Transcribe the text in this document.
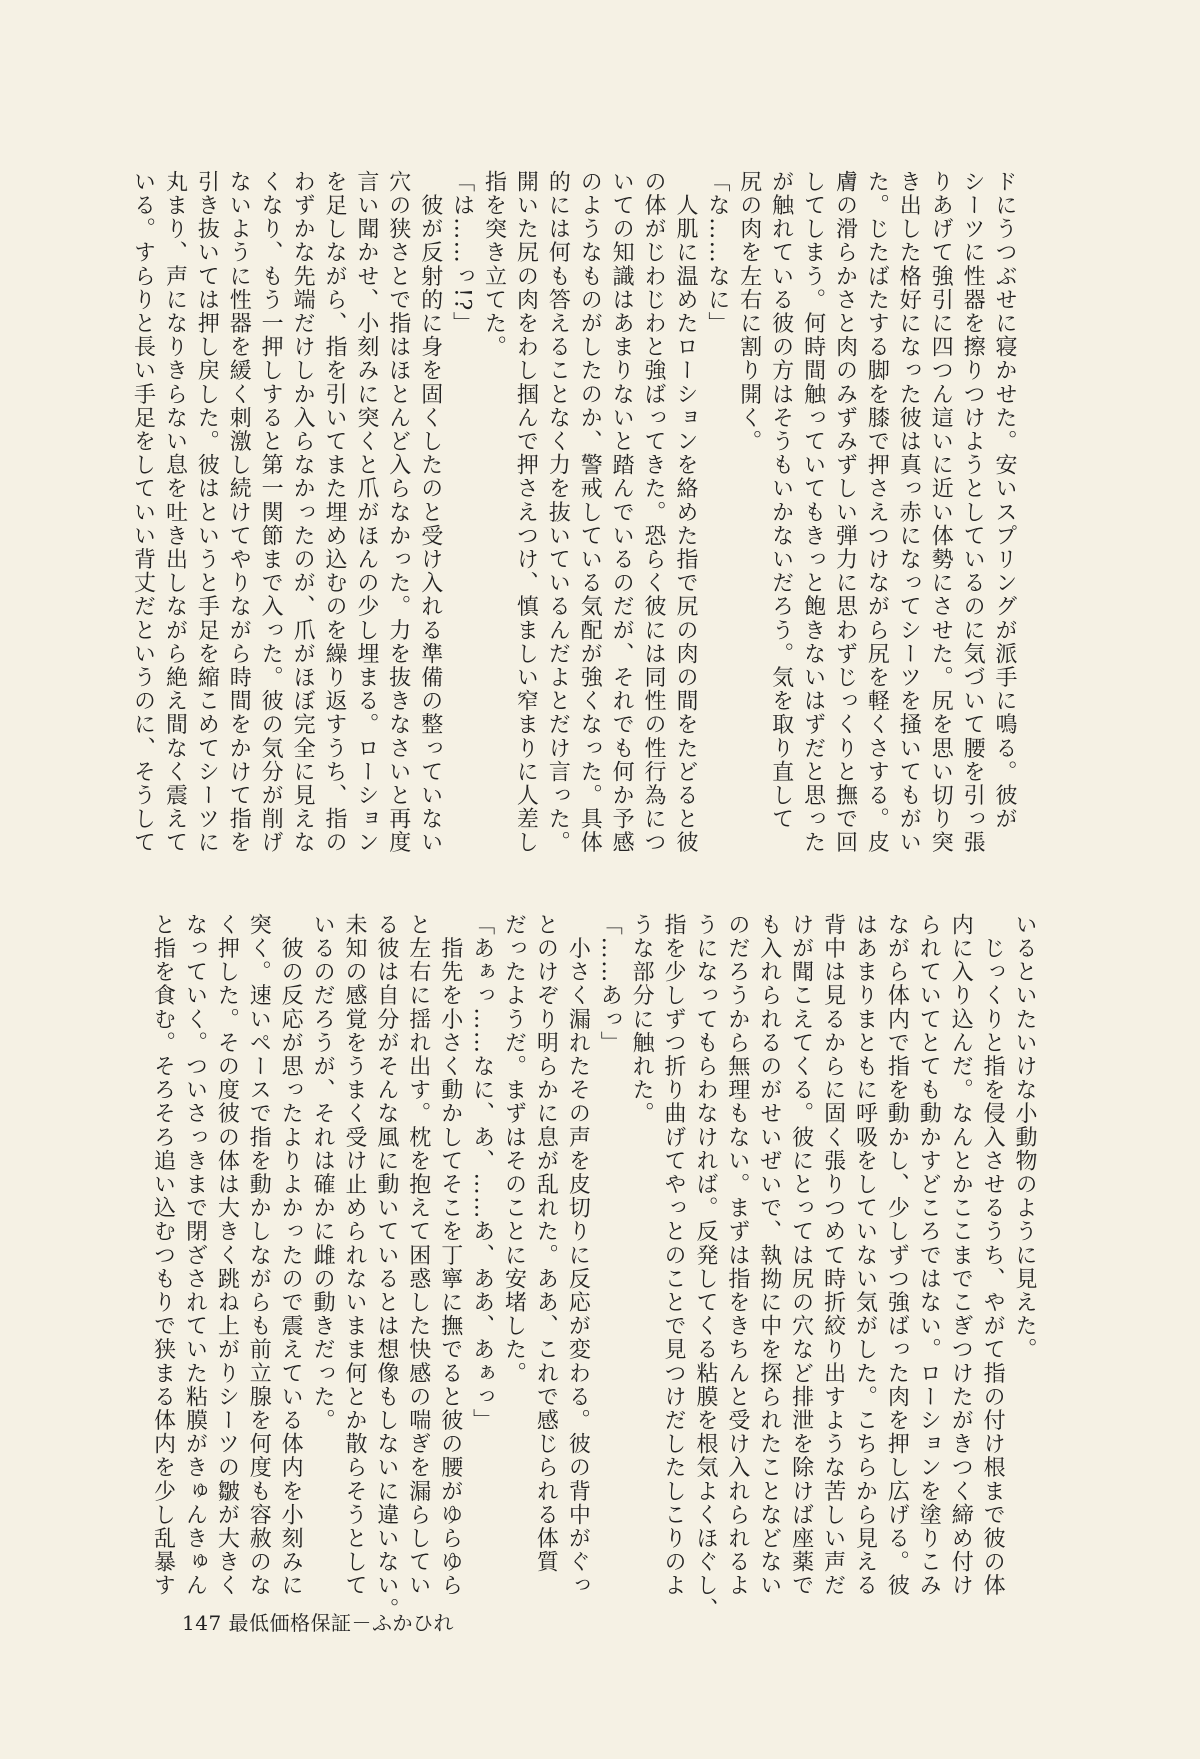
ドにうつぶせに寝かせた。安いスプリングが派手に鳴る。彼が

シーツに性器を擦りつけようとしているのに気づいて腰を引っ張

りあげて強引に四つん這いに近い体勢にさせた。尻を思い切り突

き出した格好になった彼は真っ赤になってシーツを掻いてもがい

た。じたばたする脚を膝で押さえつけながら尻を軽くさする。皮

膚の滑らかさと肉のみずみずしい弾力に思わずじっくりと撫で回

してしまう。何時間触っていてもきっと飽きないはずだと思った

が触れている彼の方はそうもいかないだろう。気を取り直して

尻の肉を左右に割り開く。

「な……なに」

　人肌に温めたローションを絡めた指で尻の肉の間をたどると彼

の体がじわじわと強ばってきた。恐らく彼には同性の性行為につ

いての知識はあまりないと踏んでいるのだが、それでも何か予感

のようなものがしたのか、警戒している気配が強くなった。具体

的には何も答えることなく力を抜いているんだよとだけ言った。

開いた尻の肉をわし掴んで押さえつけ、慎ましい窄まりに人差し

指を突き立てた。

「は……っ!?」

　彼が反射的に身を固くしたのと受け入れる準備の整っていない

穴の狭さとで指はほとんど入らなかった。力を抜きなさいと再度

言い聞かせ、小刻みに突くと爪がほんの少し埋まる。ローション

を足しながら、指を引いてまた埋め込むのを繰り返すうち、指の

わずかな先端だけしか入らなかったのが、爪がほぼ完全に見えな

くなり、もう一押しすると第一関節まで入った。彼の気分が削げ

ないように性器を緩く刺激し続けてやりながら時間をかけて指を

引き抜いては押し戻した。彼はというと手足を縮こめてシーツに

丸まり、声になりきらない息を吐き出しながら絶え間なく震えて

いる。すらりと長い手足をしていい背丈だというのに、そうして

いるといたいけな小動物のように見えた。

　じっくりと指を侵入させるうち、やがて指の付け根まで彼の体

内に入り込んだ。なんとかここまでこぎつけたがきつく締め付け

られていてとても動かすどころではない。ローションを塗りこみ

ながら体内で指を動かし、少しずつ強ばった肉を押し広げる。彼

はあまりまともに呼吸をしていない気がした。こちらから見える

背中は見るからに固く張りつめて時折絞り出すような苦しい声だ

けが聞こえてくる。彼にとっては尻の穴など排泄を除けば座薬で

も入れられるのがせいぜいで、執拗に中を探られたことなどない

のだろうから無理もない。まずは指をきちんと受け入れられるよ

うになってもらわなければ。反発してくる粘膜を根気よくほぐし、

指を少しずつ折り曲げてやっとのことで見つけだしたしこりのよ

うな部分に触れた。

「……あっ」

　小さく漏れたその声を皮切りに反応が変わる。彼の背中がぐっ

とのけぞり明らかに息が乱れた。ああ、これで感じられる体質

だったようだ。まずはそのことに安堵した。

「あぁっ……なに、あ、……あ、ああ、あぁっ」

　指先を小さく動かしてそこを丁寧に撫でると彼の腰がゆらゆら

と左右に揺れ出す。枕を抱えて困惑した快感の喘ぎを漏らしてい

る彼は自分がそんな風に動いているとは想像もしないに違いない。

未知の感覚をうまく受け止められないまま何とか散らそうとして

いるのだろうが、それは確かに雌の動きだった。

　彼の反応が思ったよりよかったので震えている体内を小刻みに

突く。速いペースで指を動かしながらも前立腺を何度も容赦のな

く押した。その度彼の体は大きく跳ね上がりシーツの皺が大きく

なっていく。ついさっきまで閉ざされていた粘膜がきゅんきゅん

と指を食む。そろそろ追い込むつもりで狭まる体内を少し乱暴す

147 最低価格保証－ふかひれ
